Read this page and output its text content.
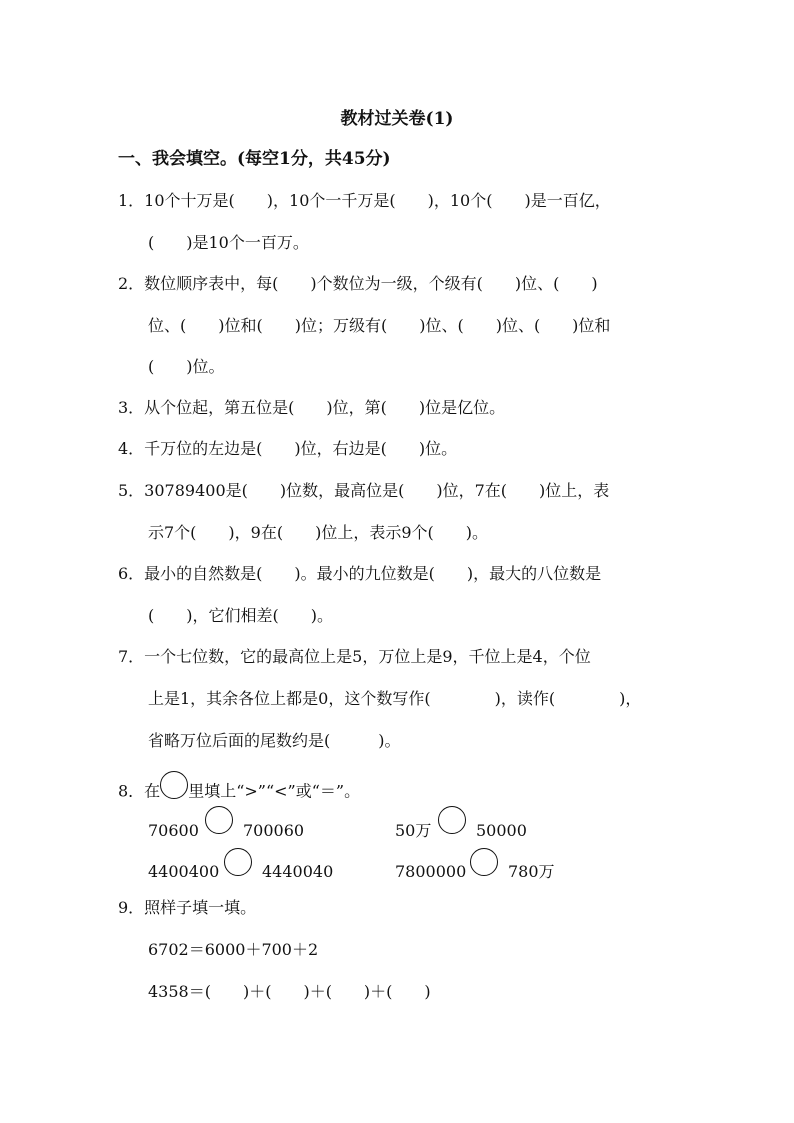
教材过关卷(1)
一、我会填空。(每空1分，共45分)
1．10个十万是(　　)，10个一千万是(　　)，10个(　　)是一百亿，
(　　)是10个一百万。
2．数位顺序表中，每(　　)个数位为一级，个级有(　　)位、(　　)
位、(　　)位和(　　)位；万级有(　　)位、(　　)位、(　　)位和
(　　)位。
3．从个位起，第五位是(　　)位，第(　　)位是亿位。
4．千万位的左边是(　　)位，右边是(　　)位。
5．30789400是(　　)位数，最高位是(　　)位，7在(　　)位上，表
示7个(　　)，9在(　　)位上，表示9个(　　)。
6．最小的自然数是(　　)。最小的九位数是(　　)，最大的八位数是
(　　)，它们相差(　　)。
7．一个七位数，它的最高位上是5，万位上是9，千位上是4，个位
上是1，其余各位上都是0，这个数写作(　　　　)，读作(　　　　)，
省略万位后面的尾数约是(　　　)。
8．在 里填上“>”“<”或“＝”。
70600	700060	50万	50000
4400400	4440040	7800000	780万
9．照样子填一填。
6702＝6000＋700＋2
4358＝(　　)＋(　　)＋(　　)＋(　　)
